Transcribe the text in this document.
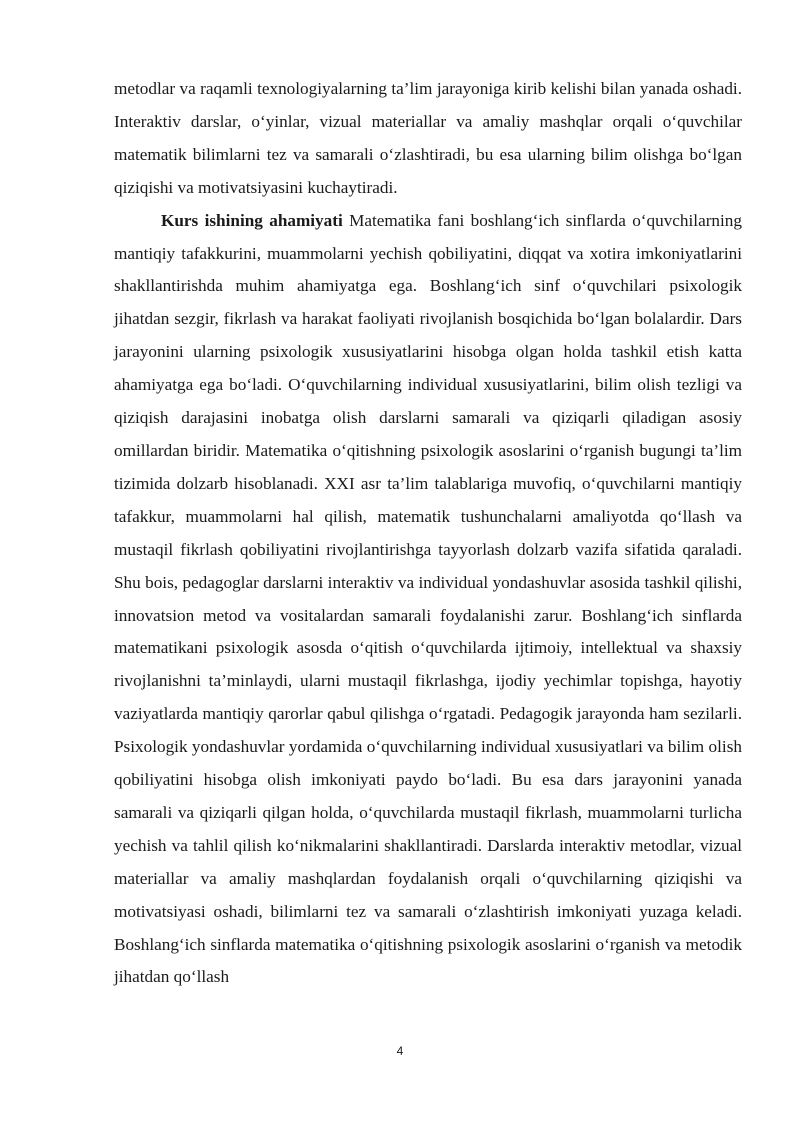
metodlar va raqamli texnologiyalarning ta’lim jarayoniga kirib kelishi bilan yanada oshadi. Interaktiv darslar, o‘yinlar, vizual materiallar va amaliy mashqlar orqali o‘quvchilar matematik bilimlarni tez va samarali o‘zlashtiradi, bu esa ularning bilim olishga bo‘lgan qiziqishi va motivatsiyasini kuchaytiradi.

Kurs ishining ahamiyati Matematika fani boshlang‘ich sinflarda o‘quvchilarning mantiqiy tafakkurini, muammolarni yechish qobiliyatini, diqqat va xotira imkoniyatlarini shakllantirishda muhim ahamiyatga ega. Boshlang‘ich sinf o‘quvchilari psixologik jihatdan sezgir, fikrlash va harakat faoliyati rivojlanish bosqichida bo‘lgan bolalardir. Dars jarayonini ularning psixologik xususiyatlarini hisobga olgan holda tashkil etish katta ahamiyatga ega bo‘ladi. O‘quvchilarning individual xususiyatlarini, bilim olish tezligi va qiziqish darajasini inobatga olish darslarni samarali va qiziqarli qiladigan asosiy omillardan biridir. Matematika o‘qitishning psixologik asoslarini o‘rganish bugungi ta’lim tizimida dolzarb hisoblanadi. XXI asr ta’lim talablariga muvofiq, o‘quvchilarni mantiqiy tafakkur, muammolarni hal qilish, matematik tushunchalarni amaliyotda qo‘llash va mustaqil fikrlash qobiliyatini rivojlantirishga tayyorlash dolzarb vazifa sifatida qaraladi. Shu bois, pedagoglar darslarni interaktiv va individual yondashuvlar asosida tashkil qilishi, innovatsion metod va vositalardan samarali foydalanishi zarur. Boshlang‘ich sinflarda matematikani psixologik asosda o‘qitish o‘quvchilarda ijtimoiy, intellektual va shaxsiy rivojlanishni ta’minlaydi, ularni mustaqil fikrlashga, ijodiy yechimlar topishga, hayotiy vaziyatlarda mantiqiy qarorlar qabul qilishga o‘rgatadi. Pedagogik jarayonda ham sezilarli. Psixologik yondashuvlar yordamida o‘quvchilarning individual xususiyatlari va bilim olish qobiliyatini hisobga olish imkoniyati paydo bo‘ladi. Bu esa dars jarayonini yanada samarali va qiziqarli qilgan holda, o‘quvchilarda mustaqil fikrlash, muammolarni turlicha yechish va tahlil qilish ko‘nikmalarini shakllantiradi. Darslarda interaktiv metodlar, vizual materiallar va amaliy mashqlardan foydalanish orqali o‘quvchilarning qiziqishi va motivatsiyasi oshadi, bilimlarni tez va samarali o‘zlashtirish imkoniyati yuzaga keladi. Boshlang‘ich sinflarda matematika o‘qitishning psixologik asoslarini o‘rganish va metodik jihatdan qo‘llash

4
